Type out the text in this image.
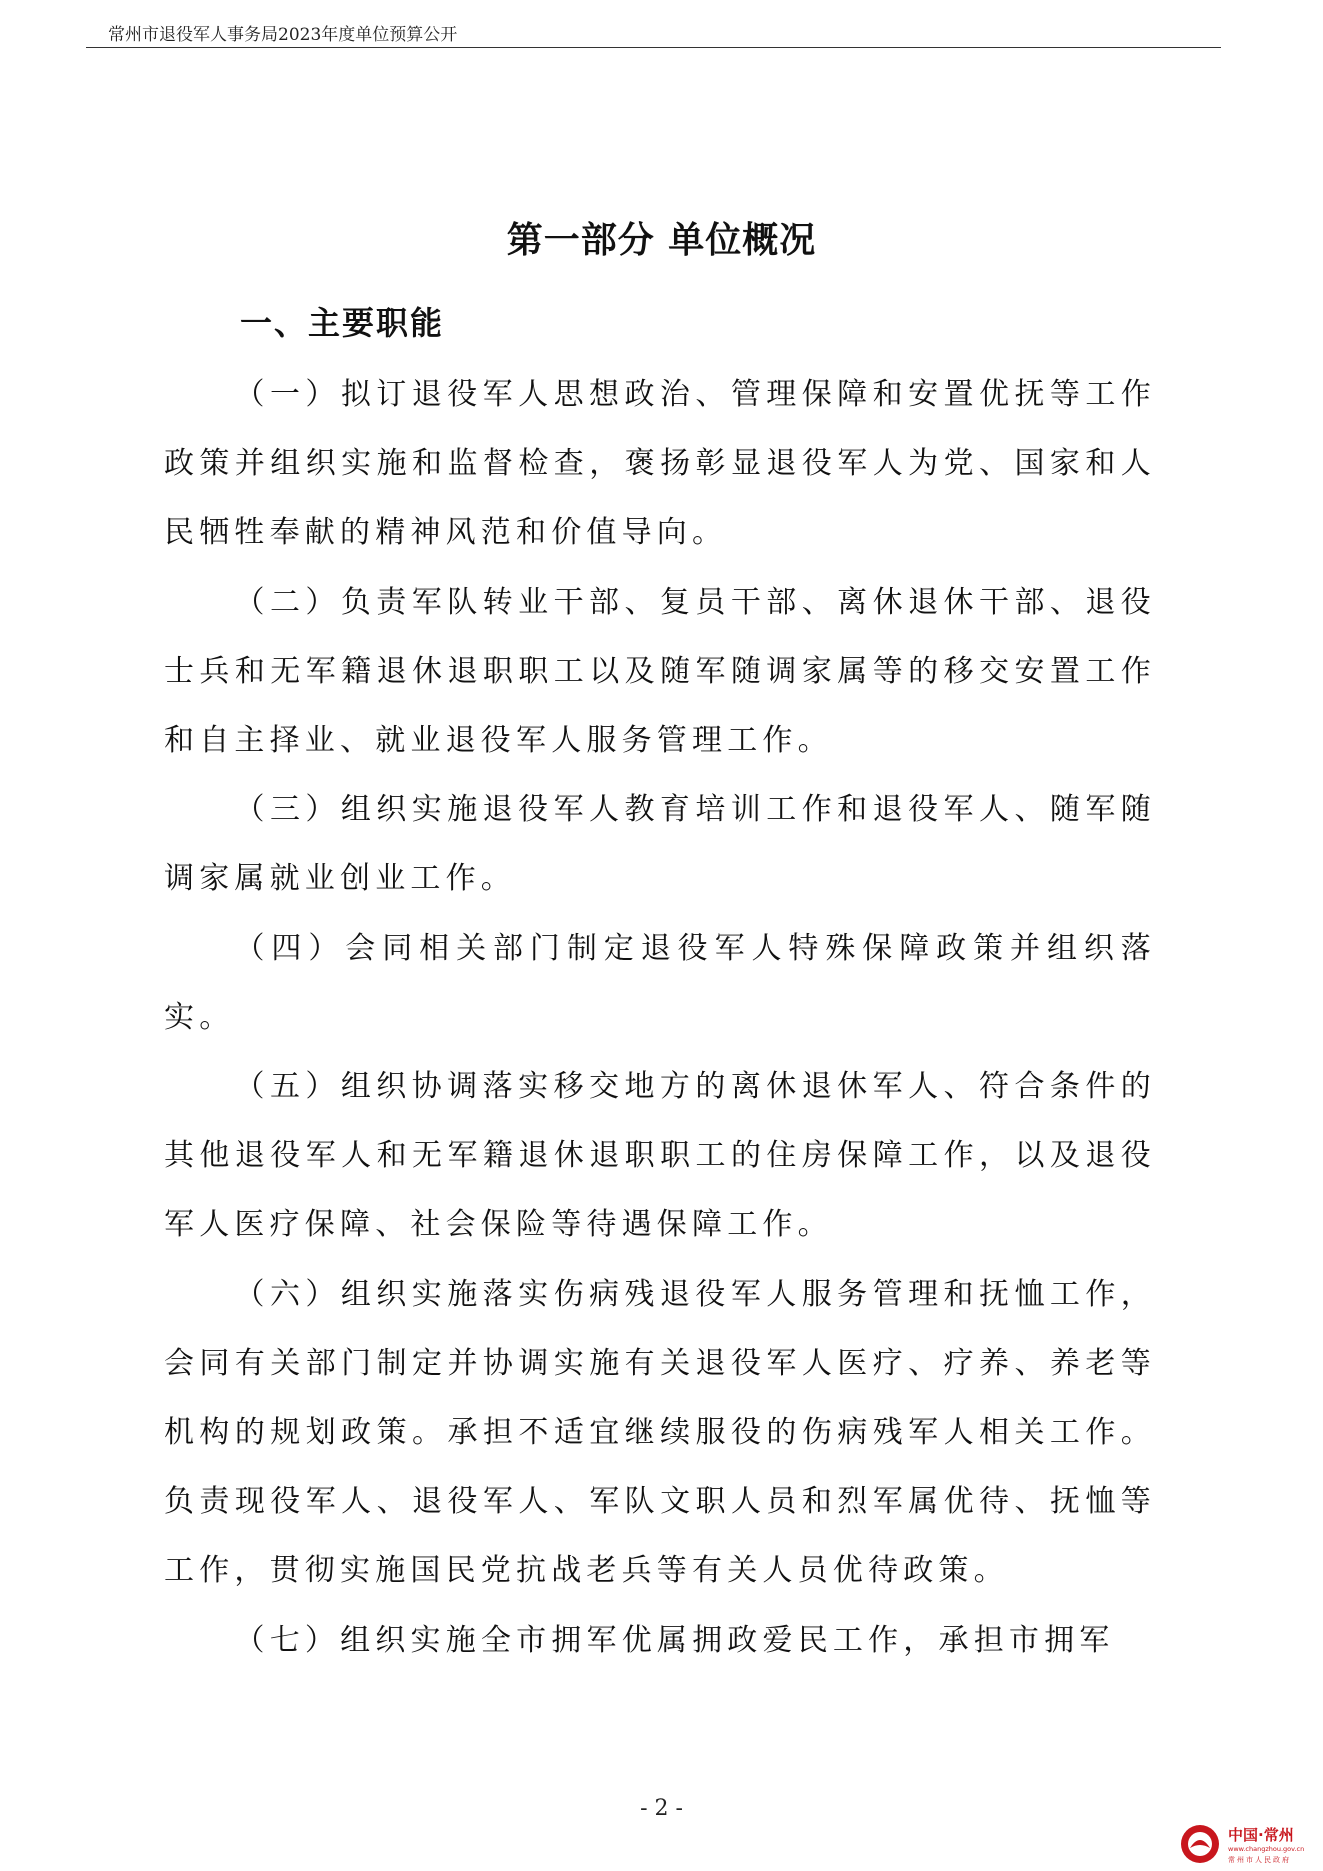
常州市退役军人事务局2023年度单位预算公开
第一部分 单位概况
一、主要职能

（一）拟订退役军人思想政治、管理保障和安置优抚等工作政策并组织实施和监督检查，褒扬彰显退役军人为党、国家和人民牺牲奉献的精神风范和价值导向。

（二）负责军队转业干部、复员干部、离休退休干部、退役士兵和无军籍退休退职职工以及随军随调家属等的移交安置工作和自主择业、就业退役军人服务管理工作。

（三）组织实施退役军人教育培训工作和退役军人、随军随调家属就业创业工作。

（四）会同相关部门制定退役军人特殊保障政策并组织落实。

（五）组织协调落实移交地方的离休退休军人、符合条件的其他退役军人和无军籍退休退职职工的住房保障工作，以及退役军人医疗保障、社会保险等待遇保障工作。

（六）组织实施落实伤病残退役军人服务管理和抚恤工作，会同有关部门制定并协调实施有关退役军人医疗、疗养、养老等机构的规划政策。承担不适宜继续服役的伤病残军人相关工作。负责现役军人、退役军人、军队文职人员和烈军属优待、抚恤等工作，贯彻实施国民党抗战老兵等有关人员优待政策。

（七）组织实施全市拥军优属拥政爱民工作，承担市拥军

- 2 -
中国·常州
www.changzhou.gov.cn
常州市人民政府
